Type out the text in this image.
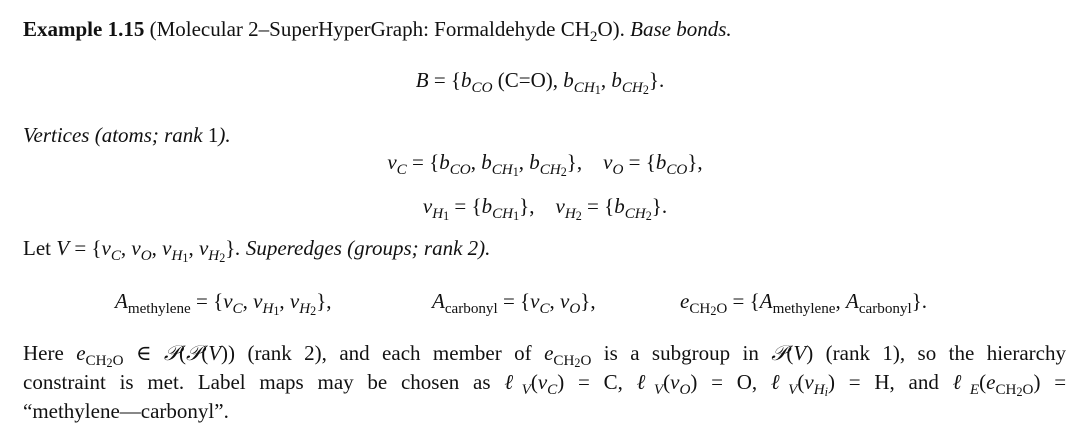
Example 1.15 (Molecular 2–SuperHyperGraph: Formaldehyde $CH_2O$). Base bonds.
$B = \{b_{CO}$ (C=O), $b_{CH_1}$, $b_{CH_2}$}.
Vertices (atoms; rank 1).
$v_C = \{b_{CO}$, $b_{CH_1}$, $b_{CH_2}$},    $v_O = \{b_{CO}\}$,
$v_{H_1} = \{b_{CH_1}\}$,    $v_{H_2} = \{b_{CH_2}\}$.
Let $V = \{v_C$, $v_O$, $v_{H_1}$, $v_{H_2}$}. Superedges (groups; rank 2).
$A_{methylene} = \{v_C$, $v_{H_1}$, $v_{H_2}$},	$A_{carbonyl} = \{v_C$, $v_O$},	$e_{CH_2O} = \{A_{methylene}$, $A_{carbonyl}$}.
Here $e_{CH_2O}$ ∈ 𝒫(𝒫(V)) (rank 2), and each member of $e_{CH_2O}$ is a subgroup in 𝒫(V) (rank 1), so the hierarchy
constraint is met. Label maps may be chosen as $\ell_V(v_C) = C$, $\ell_V(v_O) = O$, $\ell_V(v_{H_i}) = H$, and $\ell_E(e_{CH_2O})$ =
“methylene—carbonyl”.
